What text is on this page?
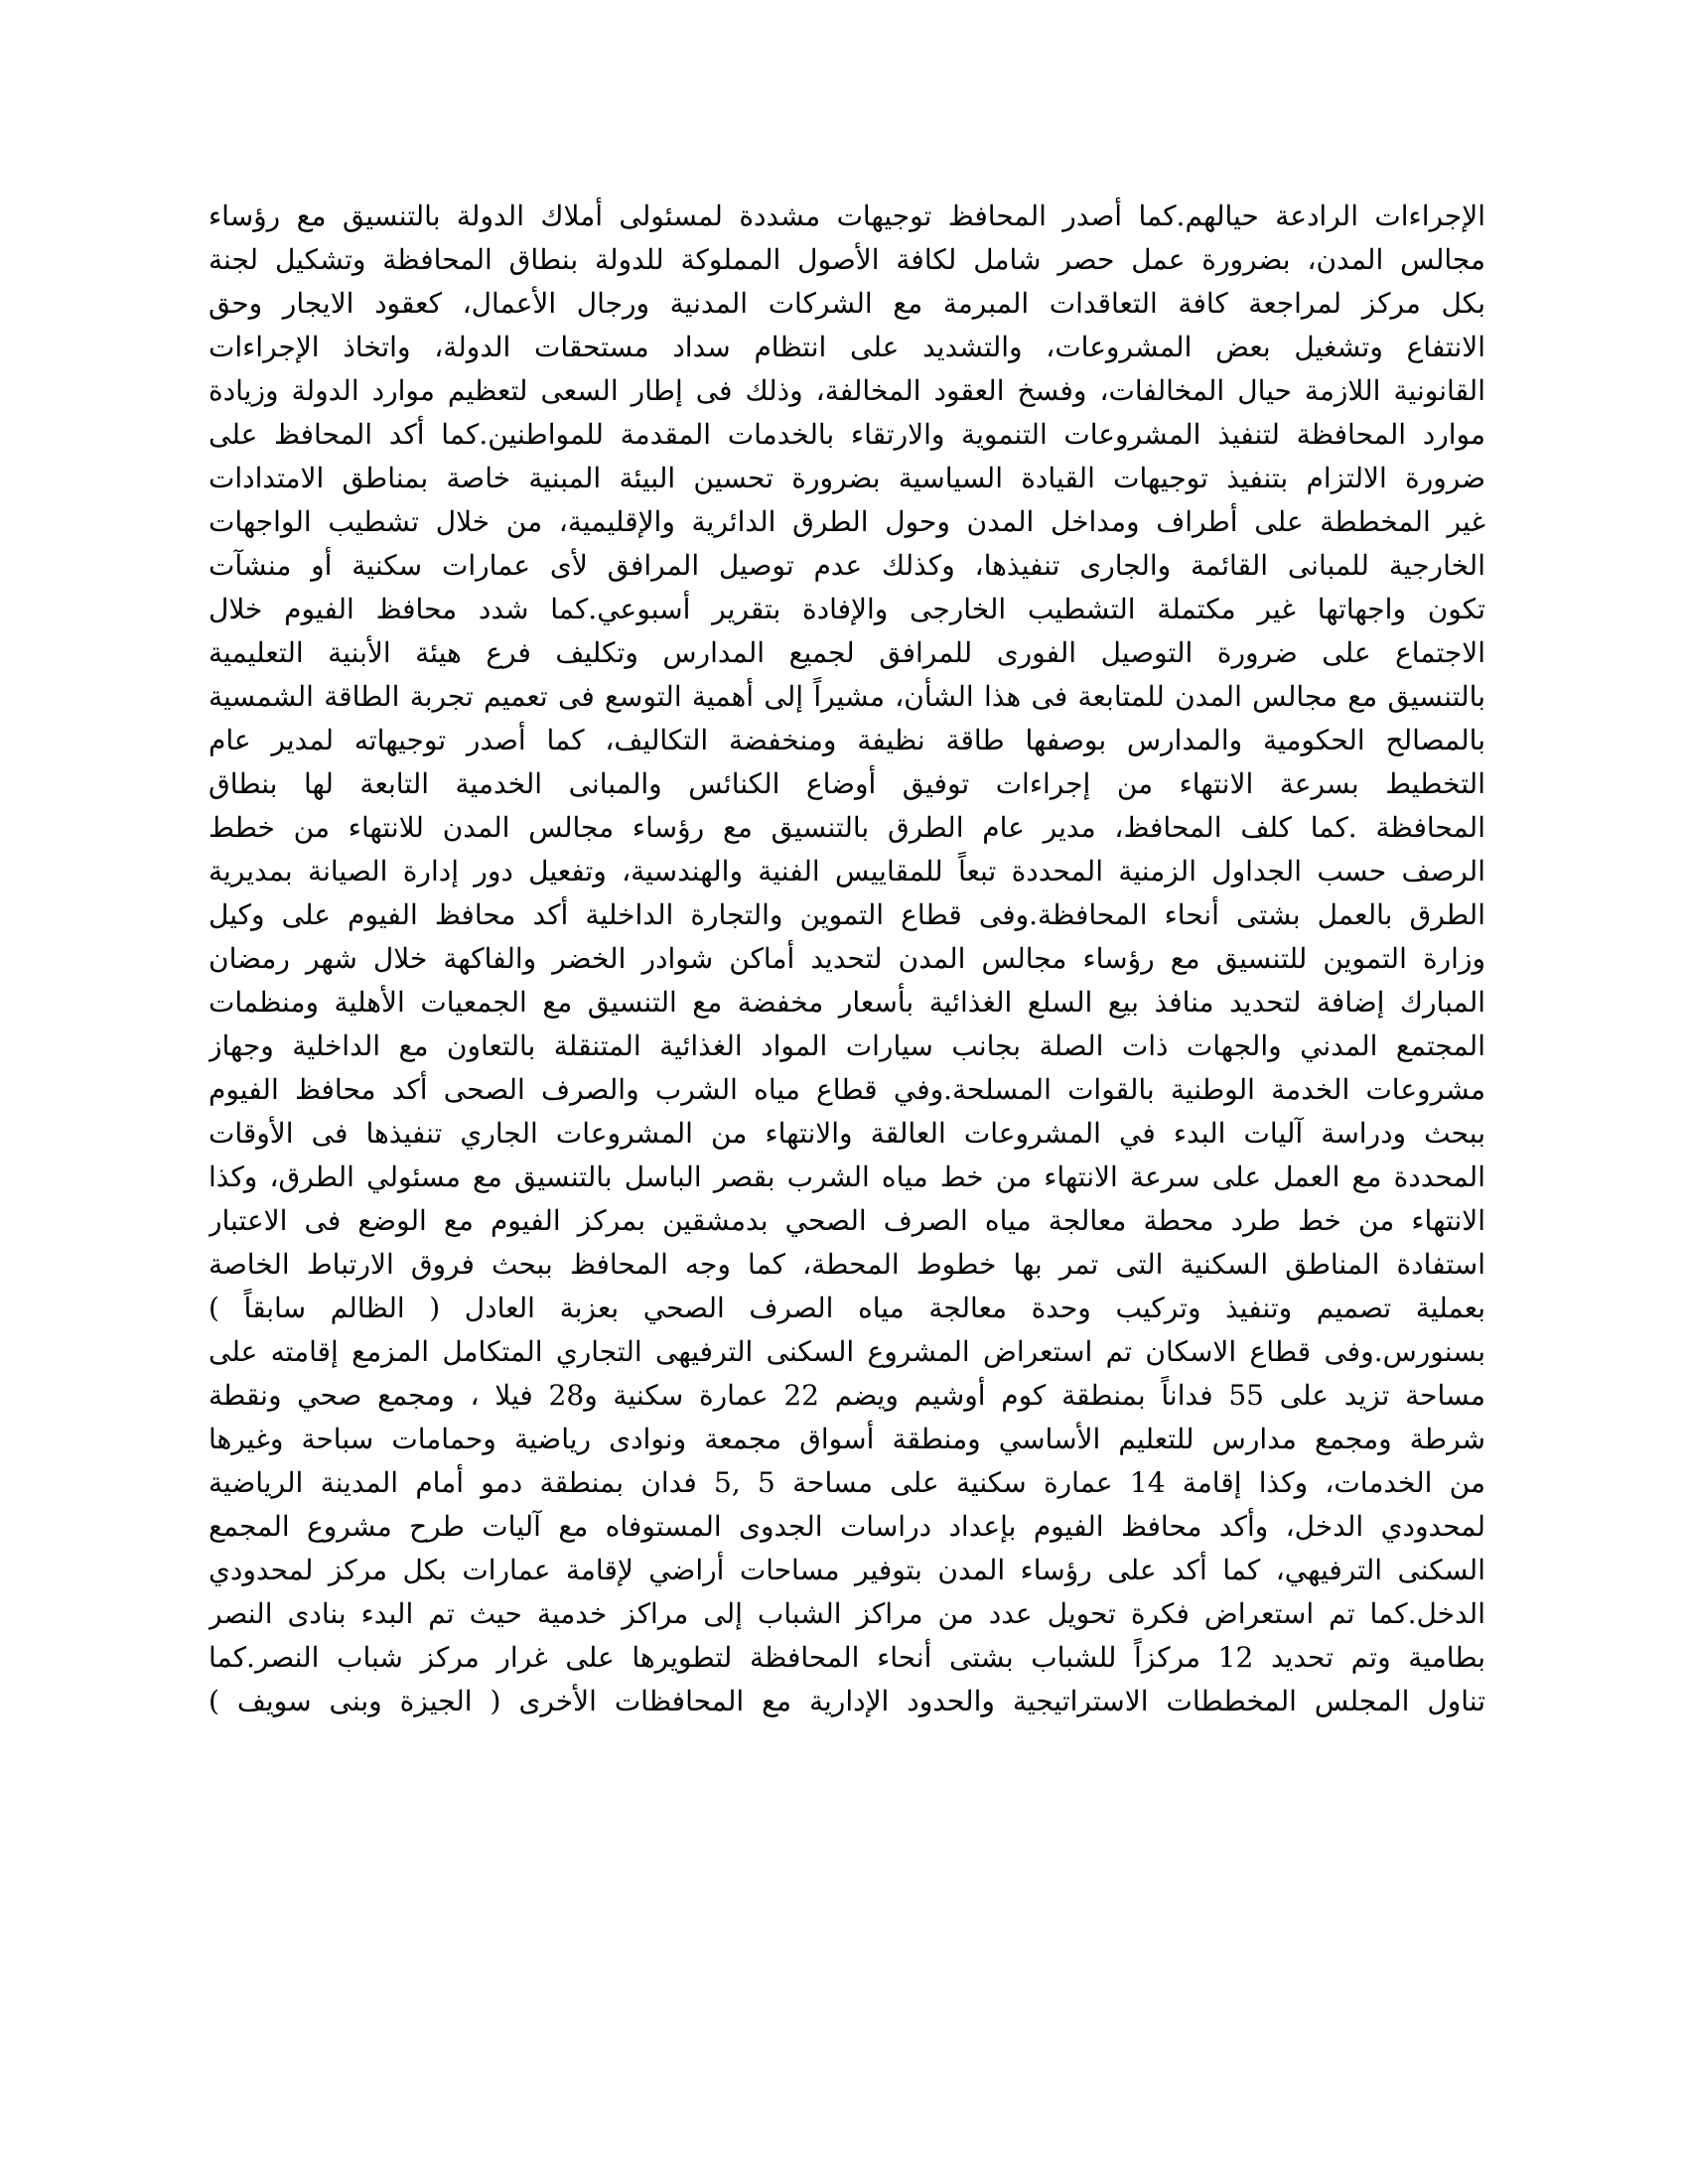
الإجراءات الرادعة حيالهم.كما أصدر المحافظ توجيهات مشددة لمسئولى أملاك الدولة بالتنسيق مع رؤساء
مجالس المدن، بضرورة عمل حصر شامل لكافة الأصول المملوكة للدولة بنطاق المحافظة وتشكيل لجنة
بكل مركز لمراجعة كافة التعاقدات المبرمة مع الشركات المدنية ورجال الأعمال، كعقود الايجار وحق
الانتفاع وتشغيل بعض المشروعات، والتشديد على انتظام سداد مستحقات الدولة، واتخاذ الإجراءات
القانونية اللازمة حيال المخالفات، وفسخ العقود المخالفة، وذلك فى إطار السعى لتعظيم موارد الدولة وزيادة
موارد المحافظة لتنفيذ المشروعات التنموية والارتقاء بالخدمات المقدمة للمواطنين.كما أكد المحافظ على
ضرورة الالتزام بتنفيذ توجيهات القيادة السياسية بضرورة تحسين البيئة المبنية خاصة بمناطق الامتدادات
غير المخططة على أطراف ومداخل المدن وحول الطرق الدائرية والإقليمية، من خلال تشطيب الواجهات
الخارجية للمبانى القائمة والجارى تنفيذها، وكذلك عدم توصيل المرافق لأى عمارات سكنية أو منشآت
تكون واجهاتها غير مكتملة التشطيب الخارجى والإفادة بتقرير أسبوعي.كما شدد محافظ الفيوم خلال
الاجتماع على ضرورة التوصيل الفورى للمرافق لجميع المدارس وتكليف فرع هيئة الأبنية التعليمية
بالتنسيق مع مجالس المدن للمتابعة فى هذا الشأن، مشيراً إلى أهمية التوسع فى تعميم تجربة الطاقة الشمسية
بالمصالح الحكومية والمدارس بوصفها طاقة نظيفة ومنخفضة التكاليف، كما أصدر توجيهاته لمدير عام
التخطيط بسرعة الانتهاء من إجراءات توفيق أوضاع الكنائس والمبانى الخدمية التابعة لها بنطاق
المحافظة .كما كلف المحافظ، مدير عام الطرق بالتنسيق مع رؤساء مجالس المدن للانتهاء من خطط
الرصف حسب الجداول الزمنية المحددة تبعاً للمقاييس الفنية والهندسية، وتفعيل دور إدارة الصيانة بمديرية
الطرق بالعمل بشتى أنحاء المحافظة.وفى قطاع التموين والتجارة الداخلية أكد محافظ الفيوم على وكيل
وزارة التموين للتنسيق مع رؤساء مجالس المدن لتحديد أماكن شوادر الخضر والفاكهة خلال شهر رمضان
المبارك إضافة لتحديد منافذ بيع السلع الغذائية بأسعار مخفضة مع التنسيق مع الجمعيات الأهلية ومنظمات
المجتمع المدني والجهات ذات الصلة بجانب سيارات المواد الغذائية المتنقلة بالتعاون مع الداخلية وجهاز
مشروعات الخدمة الوطنية بالقوات المسلحة.وفي قطاع مياه الشرب والصرف الصحى أكد محافظ الفيوم
ببحث ودراسة آليات البدء في المشروعات العالقة والانتهاء من المشروعات الجاري تنفيذها فى الأوقات
المحددة مع العمل على سرعة الانتهاء من خط مياه الشرب بقصر الباسل بالتنسيق مع مسئولي الطرق، وكذا
الانتهاء من خط طرد محطة معالجة مياه الصرف الصحي بدمشقين بمركز الفيوم مع الوضع فى الاعتبار
استفادة المناطق السكنية التى تمر بها خطوط المحطة، كما وجه المحافظ ببحث فروق الارتباط الخاصة
بعملية تصميم وتنفيذ وتركيب وحدة معالجة مياه الصرف الصحي بعزبة العادل ( الظالم سابقاً )
بسنورس.وفى قطاع الاسكان تم استعراض المشروع السكنى الترفيهى التجاري المتكامل المزمع إقامته على
مساحة تزيد على 55 فداناً بمنطقة كوم أوشيم ويضم 22 عمارة سكنية و28 فيلا ، ومجمع صحي ونقطة
شرطة ومجمع مدارس للتعليم الأساسي ومنطقة أسواق مجمعة ونوادى رياضية وحمامات سباحة وغيرها
من الخدمات، وكذا إقامة 14 عمارة سكنية على مساحة 5 ,5 فدان بمنطقة دمو أمام المدينة الرياضية
لمحدودي الدخل، وأكد محافظ الفيوم بإعداد دراسات الجدوى المستوفاه مع آليات طرح مشروع المجمع
السكنى الترفيهي، كما أكد على رؤساء المدن بتوفير مساحات أراضي لإقامة عمارات بكل مركز لمحدودي
الدخل.كما تم استعراض فكرة تحويل عدد من مراكز الشباب إلى مراكز خدمية حيث تم البدء بنادى النصر
بطامية وتم تحديد 12 مركزاً للشباب بشتى أنحاء المحافظة لتطويرها على غرار مركز شباب النصر.كما
تناول المجلس المخططات الاستراتيجية والحدود الإدارية مع المحافظات الأخرى ( الجيزة وبنى سويف )
